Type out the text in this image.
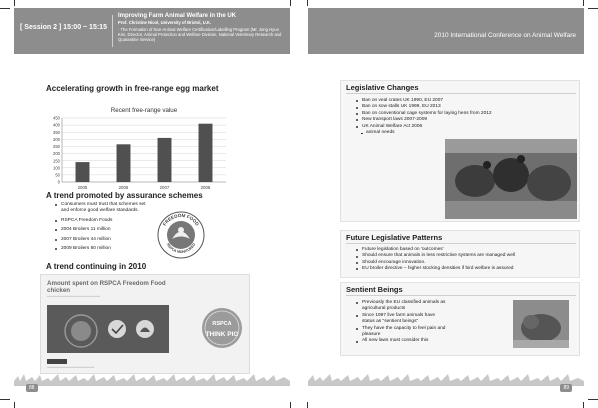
[ Session 2 ] 15:00 ~ 15:15
Improving Farm Animal Welfare in the UK
Prof. Christine Nicol, University of Bristol, U.K.
· The Formation of Non-Animal Welfare Certification/Labelling Program (Mr. Jong Hyun Kim, Director, Animal Protection and Welfare Division, National Veterinary Research and Quarantine Service)
Accelerating growth in free-range egg market
Recent free-range value
0
50
100
150
200
250
300
350
400
450
2005	2006	2007	2008
A trend promoted by assurance schemes
Consumers must trust that schemes set and enforce good welfare standards.
RSPCA Freedom Foods
2004 Broilers 11 million
2007 Broilers 44 million
2009 Broilers 60 million
FREEDOM FOOD
RSPCA MONITORED
A trend continuing in 2010
Amount spent on RSPCA Freedom Food chicken
━━━━━━━━━━━━━━━━━━━━━━━━━━━━━━━━━━
━━━━━━━━━━━━━━━━━━━━━━━━━━━━━━━━━
RSPCA
THINK PIG
88
2010 International Conference on Animal Welfare
Legislative Changes
Ban on veal crates UK 1990, EU 2007
Ban on sow stalls UK 1999, EU 2013
Ban on conventional cage systems for laying hens from 2012
New transport laws 2007-2009
UK Animal Welfare Act 2006
animal needs
Future Legislative Patterns
Future legislation based on 'outcomes'
Should ensure that animals in less restrictive systems are managed well
Should encourage innovation.
EU broiler directive – higher stocking densities if bird welfare is assured
Sentient Beings
Previously the EU classified animals as agricultural products
Since 1997 live farm animals have status as "sentient beings"
They have the capacity to feel pain and pleasure
All new laws must consider this
89
